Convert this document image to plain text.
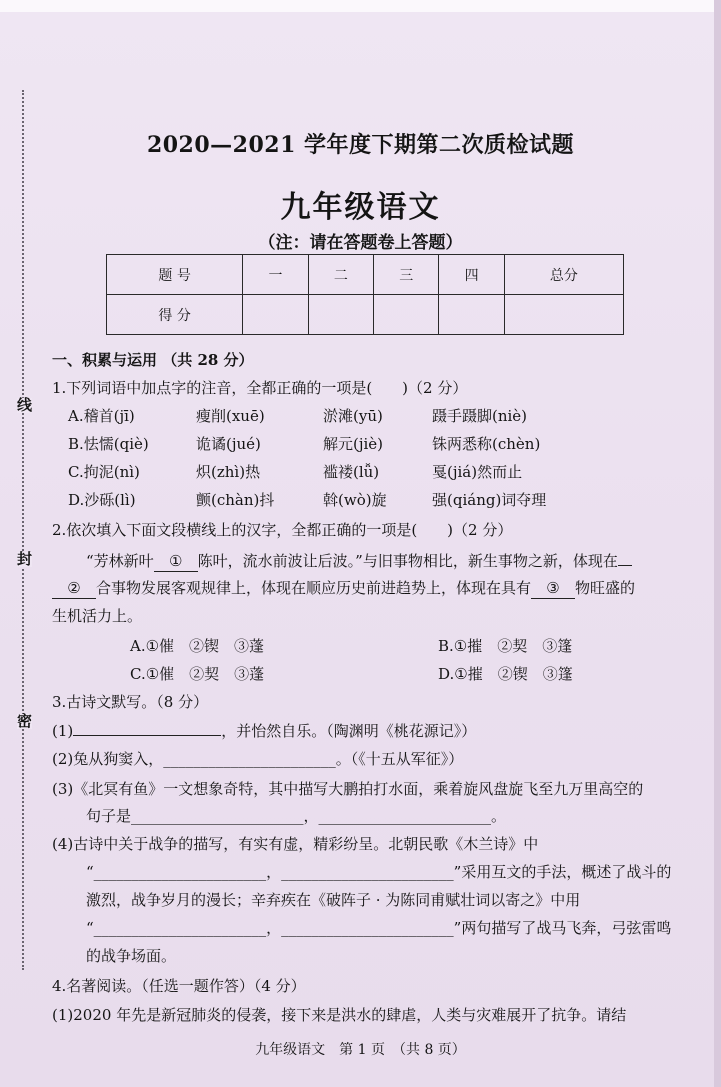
线
封
密
2020—2021 学年度下期第二次质检试题
九年级语文
（注：请在答题卷上答题）
题 号	一	二	三	四	总分
得 分					
一、积累与运用 （共 28 分）
1.下列词语中加点字的注音，全都正确的一项是(　　)（2 分）
A.稽首(jī)	瘦削(xuē)	淤滩(yū)	蹑手蹑脚(niè)
B.怯懦(qiè)	诡谲(jué)	解元(jiè)	铢两悉称(chèn)
C.拘泥(nì)	炽(zhì)热	褴褛(lǚ)	戛(jiá)然而止
D.沙砾(lì)	颤(chàn)抖	斡(wò)旋	强(qiáng)词夺理
2.依次填入下面文段横线上的汉字，全都正确的一项是(　　)（2 分）
“芳林新叶 ① 陈叶，流水前波让后波。”与旧事物相比，新生事物之新，体现在
② 合事物发展客观规律上，体现在顺应历史前进趋势上，体现在具有 ③ 物旺盛的
生机活力上。
A.①催　②锲　③蓬	B.①摧　②契　③篷
C.①催　②契　③蓬	D.①摧　②锲　③篷
3.古诗文默写。（8 分）
(1)	，并怡然自乐。（陶渊明《桃花源记》）
(2)兔从狗窦入，_______________________。（《十五从军征》）
(3)《北冥有鱼》一文想象奇特，其中描写大鹏拍打水面，乘着旋风盘旋飞至九万里高空的
句子是_______________________，_______________________。
(4)古诗中关于战争的描写，有实有虚，精彩纷呈。北朝民歌《木兰诗》中
“_______________________，_______________________”采用互文的手法，概述了战斗的
激烈，战争岁月的漫长；辛弃疾在《破阵子 · 为陈同甫赋壮词以寄之》中用
“_______________________，_______________________”两句描写了战马飞奔，弓弦雷鸣
的战争场面。
4.名著阅读。（任选一题作答）（4 分）
(1)2020 年先是新冠肺炎的侵袭，接下来是洪水的肆虐，人类与灾难展开了抗争。请结
九年级语文　第 1 页　（共 8 页）
